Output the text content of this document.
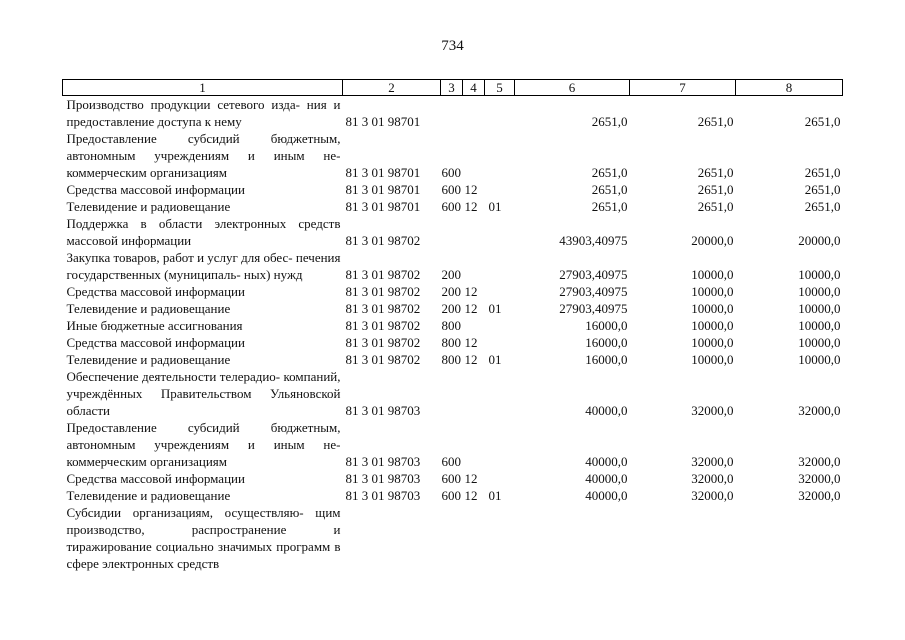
734
1	2	3	4	5	6	7	8
Производство продукции сетевого изда- ния и предоставление доступа к нему	81 3 01 98701				2651,0	2651,0	2651,0
Предоставление субсидий бюджетным, автономным учреждениям и иным не- коммерческим организациям	81 3 01 98701	600			2651,0	2651,0	2651,0
Средства массовой информации	81 3 01 98701	600	12		2651,0	2651,0	2651,0
Телевидение и радиовещание	81 3 01 98701	600	12	01	2651,0	2651,0	2651,0
Поддержка в области электронных средств массовой информации	81 3 01 98702				43903,40975	20000,0	20000,0
Закупка товаров, работ и услуг для обес- печения государственных (муниципаль- ных) нужд	81 3 01 98702	200			27903,40975	10000,0	10000,0
Средства массовой информации	81 3 01 98702	200	12		27903,40975	10000,0	10000,0
Телевидение и радиовещание	81 3 01 98702	200	12	01	27903,40975	10000,0	10000,0
Иные бюджетные ассигнования	81 3 01 98702	800			16000,0	10000,0	10000,0
Средства массовой информации	81 3 01 98702	800	12		16000,0	10000,0	10000,0
Телевидение и радиовещание	81 3 01 98702	800	12	01	16000,0	10000,0	10000,0
Обеспечение деятельности телерадио- компаний, учреждённых Правительством Ульяновской области	81 3 01 98703				40000,0	32000,0	32000,0
Предоставление субсидий бюджетным, автономным учреждениям и иным не- коммерческим организациям	81 3 01 98703	600			40000,0	32000,0	32000,0
Средства массовой информации	81 3 01 98703	600	12		40000,0	32000,0	32000,0
Телевидение и радиовещание	81 3 01 98703	600	12	01	40000,0	32000,0	32000,0
Субсидии организациям, осуществляю- щим производство, распространение и тиражирование социально значимых программ в сфере электронных средств							
